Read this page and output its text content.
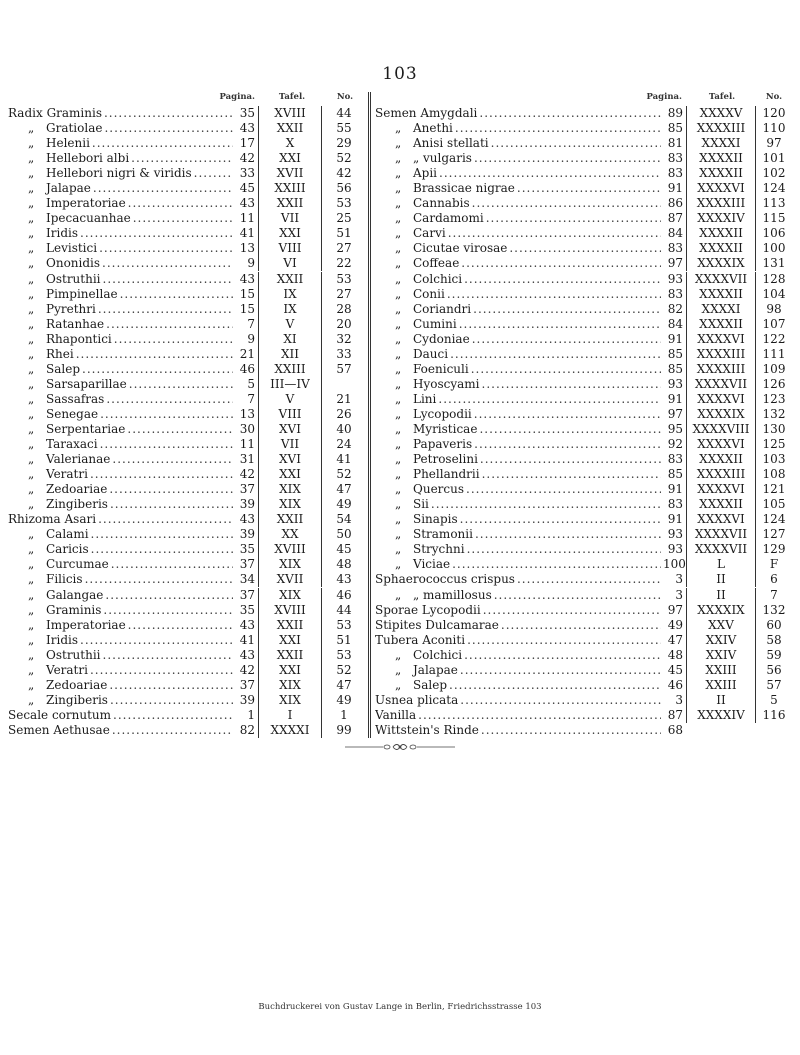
103
Pagina.	Tafel.	No.
Radix Graminis .....	35	XVIII	44
„ Gratiolae .....	43	XXII	55
„ Helenii .....	17	X	29
„ Hellebori albi .....	42	XXI	52
„ Hellebori nigri & viridis .....	33	XVII	42
„ Jalapae .....	45	XXIII	56
„ Imperatoriae .....	43	XXII	53
„ Ipecacuanhae .....	11	VII	25
„ Iridis .....	41	XXI	51
„ Levistici .....	13	VIII	27
„ Ononidis .....	9	VI	22
„ Ostruthii .....	43	XXII	53
„ Pimpinellae .....	15	IX	27
„ Pyrethri .....	15	IX	28
„ Ratanhae .....	7	V	20
„ Rhapontici .....	9	XI	32
„ Rhei .....	21	XII	33
„ Salep .....	46	XXIII	57
„ Sarsaparillae .....	5	III—IV
„ Sassafras .....	7	V	21
„ Senegae .....	13	VIII	26
„ Serpentariae .....	30	XVI	40
„ Taraxaci .....	11	VII	24
„ Valerianae .....	31	XVI	41
„ Veratri .....	42	XXI	52
„ Zedoariae .....	37	XIX	47
„ Zingiberis .....	39	XIX	49
Rhizoma Asari .....	43	XXII	54
„ Calami .....	39	XX	50
„ Caricis .....	35	XVIII	45
„ Curcumae .....	37	XIX	48
„ Filicis .....	34	XVII	43
„ Galangae .....	37	XIX	46
„ Graminis .....	35	XVIII	44
„ Imperatoriae .....	43	XXII	53
„ Iridis .....	41	XXI	51
„ Ostruthii .....	43	XXII	53
„ Veratri .....	42	XXI	52
„ Zedoariae .....	37	XIX	47
„ Zingiberis .....	39	XIX	49
Secale cornutum .....	1	I	1
Semen Aethusae .....	82	XXXXI	99
Pagina.	Tafel.	No.
Semen Amygdali .....	89	XXXXV	120
„ Anethi .....	85	XXXXIII	110
„ Anisi stellati .....	81	XXXXI	97
„ „ vulgaris .....	83	XXXXII	101
„ Apii .....	83	XXXXII	102
„ Brassicae nigrae .....	91	XXXXVI	124
„ Cannabis .....	86	XXXXIII	113
„ Cardamomi .....	87	XXXXIV	115
„ Carvi .....	84	XXXXII	106
„ Cicutae virosae .....	83	XXXXII	100
„ Coffeae .....	97	XXXXIX	131
„ Colchici .....	93 XXXXVII	128
„ Conii .....	83	XXXXII	104
„ Coriandri .....	82	XXXXI	98
„ Cumini .....	84	XXXXII	107
„ Cydoniae .....	91	XXXXVI	122
„ Dauci .....	85	XXXXIII	111
„ Foeniculi .....	85	XXXXIII	109
„ Hyoscyami .....	93 XXXXVII	126
„ Lini .....	91	XXXXVI	123
„ Lycopodii .....	97	XXXXIX	132
„ Myristicae .....	95 XXXXVIII	130
„ Papaveris .....	92	XXXXVI	125
„ Petroselini .....	83	XXXXII	103
„ Phellandrii .....	85	XXXXIII	108
„ Quercus .....	91	XXXXVI	121
„ Sii .....	83	XXXXII	105
„ Sinapis .....	91	XXXXVI	124
„ Stramonii .....	93 XXXXVII	127
„ Strychni .....	93 XXXXVII	129
„ Viciae .....	100	L	F
Sphaerococcus crispus .....	3	II	6
„ „ mamillosus .....	3	II	7
Sporae Lycopodii .....	97	XXXXIX	132
Stipites Dulcamarae .....	49	XXV	60
Tubera Aconiti .....	47	XXIV	58
„ Colchici .....	48	XXIV	59
„ Jalapae .....	45	XXIII	56
„ Salep .....	46	XXIII	57
Usnea plicata .....	3	II	5
Vanilla .....	87	XXXXIV	116
Wittstein's Rinde .....	68
Buchdruckerei von Gustav Lange in Berlin, Friedrichsstrasse 103
